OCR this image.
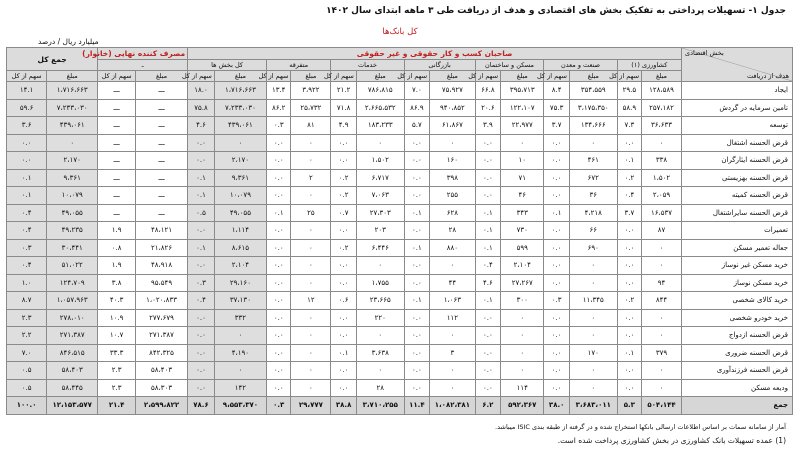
جدول ۱- تسهیلات پرداختی به تفکیک بخش های اقتصادی و هدف از دریافت طی ۳ ماهه ابتدای سال ۱۴۰۲
کل بانک‌ها
میلیارد ریال / درصد
بخش اقتصادی
هدف از دریافت	صاحبان کسب و کار حقوقی و غیر حقوقی														مصرف کننده نهایی (خانوار)		جمع کل	
	کشاورزی (۱)		صنعت و معدن		مسکن و ساختمان		بازرگانی		خدمات		متفرقه		کل بخش ها		ـ			
	مبلغ	سهم از کل	مبلغ	سهم از کل	مبلغ	سهم از کل	مبلغ	سهم از کل	مبلغ	سهم از کل	مبلغ	سهم از کل	مبلغ	سهم از کل	مبلغ	سهم از کل	مبلغ	سهم از کل
ایجاد	۱۲۸،۵۸۹	۲۹.۵	۳۵۴،۵۵۹	۸.۴	۳۹۵،۷۱۳	۶۶.۸	۷۵،۹۲۷	۷.۰	۷۸۶،۸۱۵	۲۱.۲	۳،۹۲۲	۱۳.۴	۱،۷۱۶،۶۶۳	۱۸.۰	ـــ	ـــ	۱،۷۱۶،۶۶۳	۱۴.۱
تامین سرمایه در گردش	۲۵۷،۱۸۲	۵۸.۹	۳،۱۷۵،۳۵۰	۷۵.۳	۱۲۲،۱۰۷	۲۰.۶	۹۴۰،۸۵۲	۸۶.۹	۲،۶۶۵،۵۳۲	۷۱.۸	۲۵،۷۳۲	۸۶.۲	۷،۲۳۳،۰۳۰	۷۵.۸	ـــ	ـــ	۷،۲۳۳،۰۳۰	۵۹.۶
توسعه	۳۶،۶۳۳	۷.۳	۱۳۴،۶۶۶	۳.۷	۲۲،۹۷۷	۳.۹	۶۱،۸۶۷	۵.۷	۱۸۳،۲۳۳	۴.۹	۸۱	۰.۳	۴۳۹،۰۶۱	۴.۶	ـــ	ـــ	۴۳۹،۰۶۱	۳.۶
قرض الحسنه اشتغال	۰	۰.۰	۰	۰.۰	۰	۰.۰	۰	۰.۰	۰	۰.۰	۰	۰.۰	۰	۰.۰	ـــ	ـــ	۰	۰.۰
قرض الحسنه ایثارگران	۳۳۸	۰.۱	۴۶۱	۰.۰	۱۰	۰.۰	۱۶۰	۰.۰	۱،۵۰۲	۰.۰	۰	۰.۰	۲،۱۷۰	۰.۰	ـــ	ـــ	۲،۱۷۰	۰.۰
قرض الحسنه بهزیستی	۱،۵۰۲	۰.۲	۶۷۲	۰.۰	۷۱	۰.۰	۳۹۸	۰.۰	۶،۷۱۷	۰.۲	۲	۰.۰	۹،۳۶۱	۰.۱	ـــ	ـــ	۹،۳۶۱	۰.۱
قرض الحسنه کمیته	۲،۰۵۹	۰.۴	۳۶	۰.۰	۴۶	۰.۰	۲۵۵	۰.۰	۷،۰۶۳	۰.۲	۰	۰.۰	۱۰،۰۷۹	۰.۱	ـــ	ـــ	۱۰،۰۷۹	۰.۱
قرض الحسنه سایراشتغال	۱۶،۵۳۷	۳.۷	۴،۲۱۸	۰.۱	۳۴۳	۰.۱	۶۲۸	۰.۱	۲۷،۳۰۳	۰.۷	۲۵	۰.۱	۴۹،۰۵۵	۰.۵	ـــ	ـــ	۴۹،۰۵۵	۰.۴
تعمیرات	۸۷	۰.۰	۶۶	۰.۰	۷۳۰	۰.۱	۲۸	۰.۰	۲۰۳	۰.۰	۰	۰.۰	۱،۱۱۴	۰.۰	۴۸،۱۲۱	۱.۹	۴۹،۲۳۵	۰.۴
جعاله تعمیر مسکن	۰	۰.۰	۶۹۰	۰.۰	۵۹۹	۰.۱	۸۸۰	۰.۱	۶،۴۴۶	۰.۲	۰	۰.۰	۸،۶۱۵	۰.۱	۲۱،۸۲۶	۰.۸	۳۰،۴۴۱	۰.۳
خرید مسکن غیر نوساز	۰	۰.۰	۰	۰.۰	۲،۱۰۴	۰.۴	۰	۰.۰	۰	۰.۰	۰	۰.۰	۲،۱۰۴	۰.۰	۴۸،۹۱۸	۱.۹	۵۱،۰۲۲	۰.۴
خرید مسکن نوساز	۹۴	۰.۰	۰	۰.۰	۲۷،۲۶۷	۴.۶	۴۴	۰.۰	۱،۷۵۵	۰.۰	۰	۰.۰	۲۹،۱۶۰	۰.۳	۹۵،۵۴۹	۳.۸	۱۲۴،۷۰۹	۱.۰
خرید کالای شخصی	۸۴۴	۰.۲	۱۱،۳۴۵	۰.۳	۳۰۰	۰.۱	۱،۰۶۳	۰.۱	۲۳،۶۶۵	۰.۶	۱۲	۰.۰	۳۷،۱۳۰	۰.۴	۱،۰۲۰،۸۳۳	۴۰.۳	۱،۰۵۷،۹۶۳	۸.۷
خرید خودرو شخصی	۰	۰.۰	۰	۰.۰	۰	۰.۰	۱۱۲	۰.۰	۲۲۰	۰.۰	۰	۰.۰	۳۳۲	۰.۰	۲۷۷،۶۷۹	۱۰.۹	۲۷۸،۰۱۰	۲.۳
قرض الحسنه ازدواج	۰	۰.۰	۰	۰.۰	۰	۰.۰	۰	۰.۰	۰	۰.۰	۰	۰.۰	۰	۰.۰	۲۷۱،۳۸۷	۱۰.۷	۲۷۱،۳۸۷	۲.۲
قرض الحسنه ضروری	۳۷۹	۰.۱	۱۷۰	۰.۰	۰	۰.۰	۳	۰.۰	۳،۶۳۸	۰.۱	۰	۰.۰	۴،۱۹۰	۰.۰	۸۴۲،۳۲۵	۳۳.۳	۸۴۶،۵۱۵	۷.۰
قرض الحسنه فرزندآوری	۰	۰.۰	۰	۰.۰	۰	۰.۰	۰	۰.۰	۰	۰.۰	۰	۰.۰	۰	۰.۰	۵۸،۴۰۳	۲.۳	۵۸،۴۰۳	۰.۵
ودیعه مسکن	۰	۰.۰	۰	۰.۰	۱۱۴	۰.۰	۰	۰.۰	۲۸	۰.۰	۰	۰.۰	۱۴۲	۰.۰	۵۸،۳۰۳	۲.۳	۵۸،۴۴۵	۰.۵
جمع	۵۰۴،۱۴۴	۵.۳	۳،۶۸۳،۰۱۱	۳۸.۰	۵۹۲،۳۶۷	۶.۲	۱،۰۸۲،۳۸۱	۱۱.۴	۳،۷۱۰،۲۵۵	۳۸.۸	۲۹،۷۷۷	۰.۳	۹،۵۵۳،۳۷۰	۷۸.۶	۲،۵۹۹،۸۲۲	۲۱.۴	۱۲،۱۵۳،۵۷۷	۱۰۰.۰
آمار از سامانه سمات بر اساس اطلاعات ارسالی بانکها استخراج شده و در گرفته از طبقه بندی ISIC میباشد.
(1) عمده تسهیلات بانک کشاورزی در بخش کشاورزی پرداخت شده است.
